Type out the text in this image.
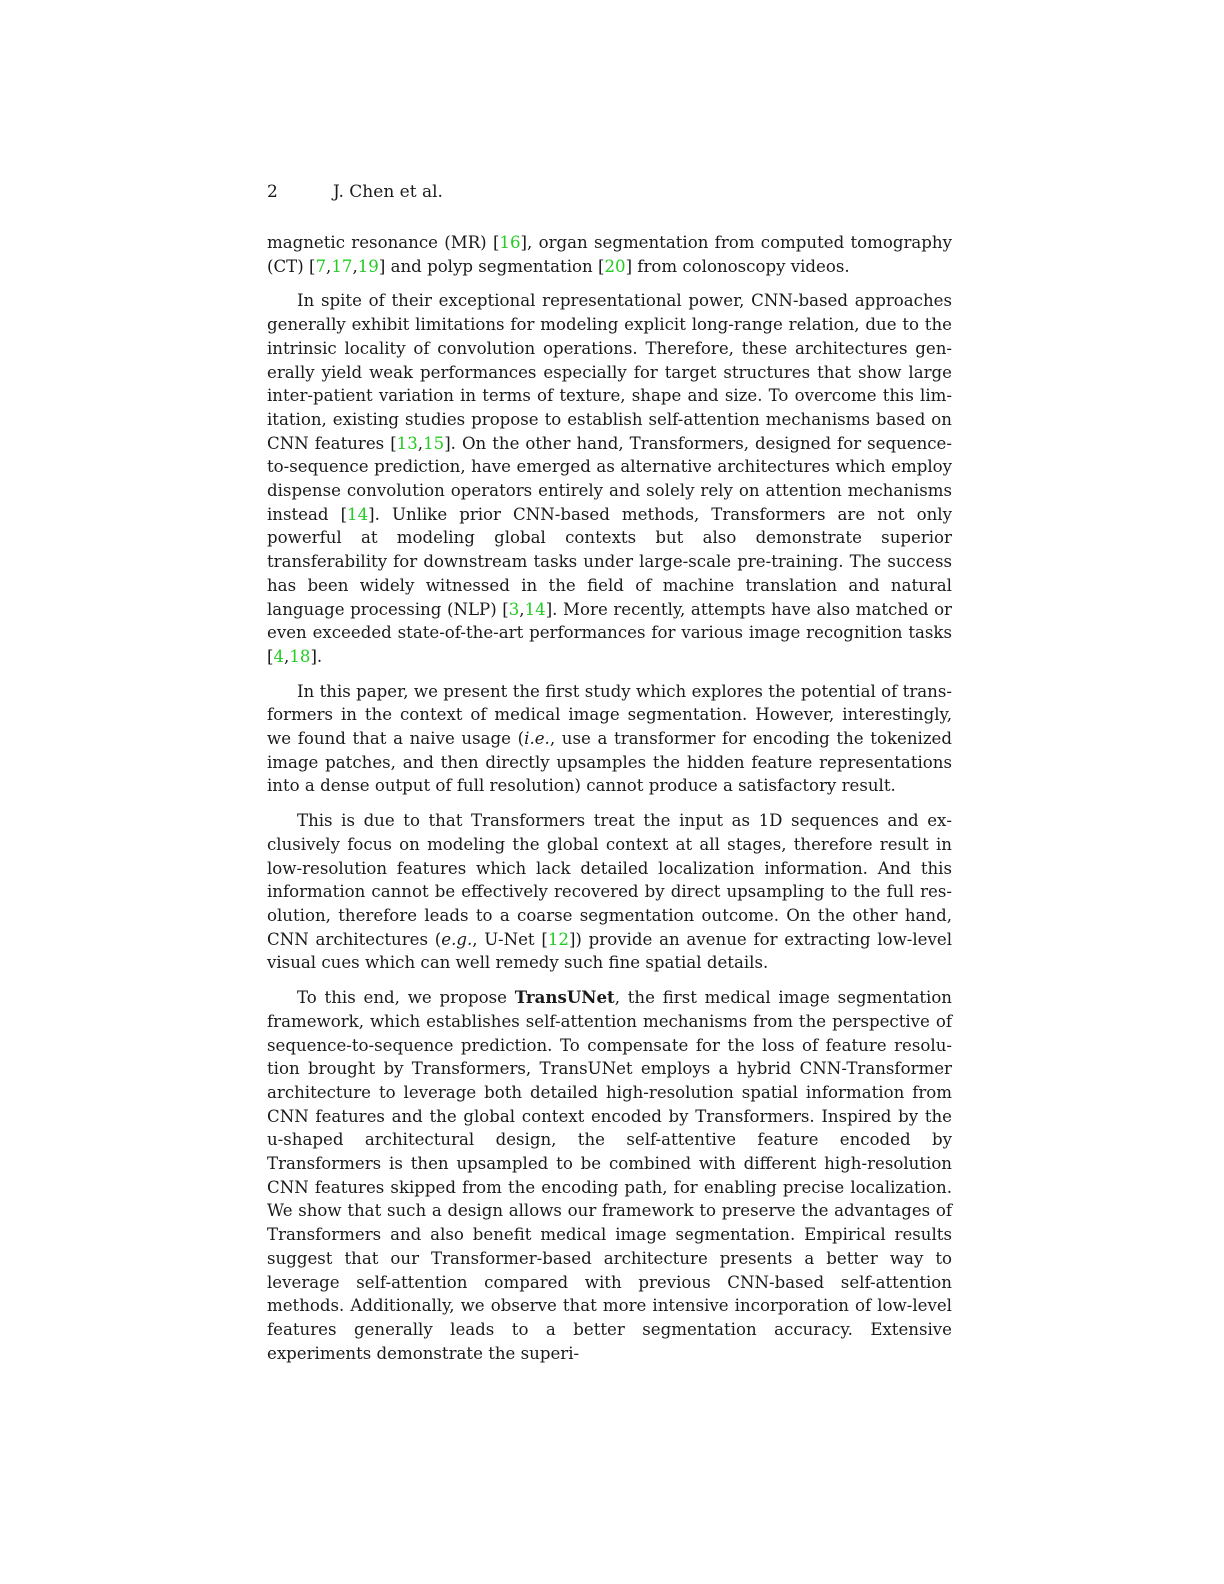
2	J. Chen et al.

magnetic resonance (MR) [16], organ segmentation from computed tomography (CT) [7,17,19] and polyp segmentation [20] from colonoscopy videos.

In spite of their exceptional representational power, CNN-based approaches generally exhibit limitations for modeling explicit long-range relation, due to the intrinsic locality of convolution operations. Therefore, these architectures generally yield weak performances especially for target structures that show large inter-patient variation in terms of texture, shape and size. To overcome this limitation, existing studies propose to establish self-attention mechanisms based on CNN features [13,15]. On the other hand, Transformers, designed for sequence-to-sequence prediction, have emerged as alternative architectures which employ dispense convolution operators entirely and solely rely on attention mechanisms instead [14]. Unlike prior CNN-based methods, Transformers are not only powerful at modeling global contexts but also demonstrate superior transferability for downstream tasks under large-scale pre-training. The success has been widely witnessed in the field of machine translation and natural language processing (NLP) [3,14]. More recently, attempts have also matched or even exceeded state-of-the-art performances for various image recognition tasks [4,18].

In this paper, we present the first study which explores the potential of transformers in the context of medical image segmentation. However, interestingly, we found that a naive usage (i.e., use a transformer for encoding the tokenized image patches, and then directly upsamples the hidden feature representations into a dense output of full resolution) cannot produce a satisfactory result.

This is due to that Transformers treat the input as 1D sequences and exclusively focus on modeling the global context at all stages, therefore result in low-resolution features which lack detailed localization information. And this information cannot be effectively recovered by direct upsampling to the full resolution, therefore leads to a coarse segmentation outcome. On the other hand, CNN architectures (e.g., U-Net [12]) provide an avenue for extracting low-level visual cues which can well remedy such fine spatial details.

To this end, we propose TransUNet, the first medical image segmentation framework, which establishes self-attention mechanisms from the perspective of sequence-to-sequence prediction. To compensate for the loss of feature resolution brought by Transformers, TransUNet employs a hybrid CNN-Transformer architecture to leverage both detailed high-resolution spatial information from CNN features and the global context encoded by Transformers. Inspired by the u-shaped architectural design, the self-attentive feature encoded by Transformers is then upsampled to be combined with different high-resolution CNN features skipped from the encoding path, for enabling precise localization. We show that such a design allows our framework to preserve the advantages of Transformers and also benefit medical image segmentation. Empirical results suggest that our Transformer-based architecture presents a better way to leverage self-attention compared with previous CNN-based self-attention methods. Additionally, we observe that more intensive incorporation of low-level features generally leads to a better segmentation accuracy. Extensive experiments demonstrate the superi-
